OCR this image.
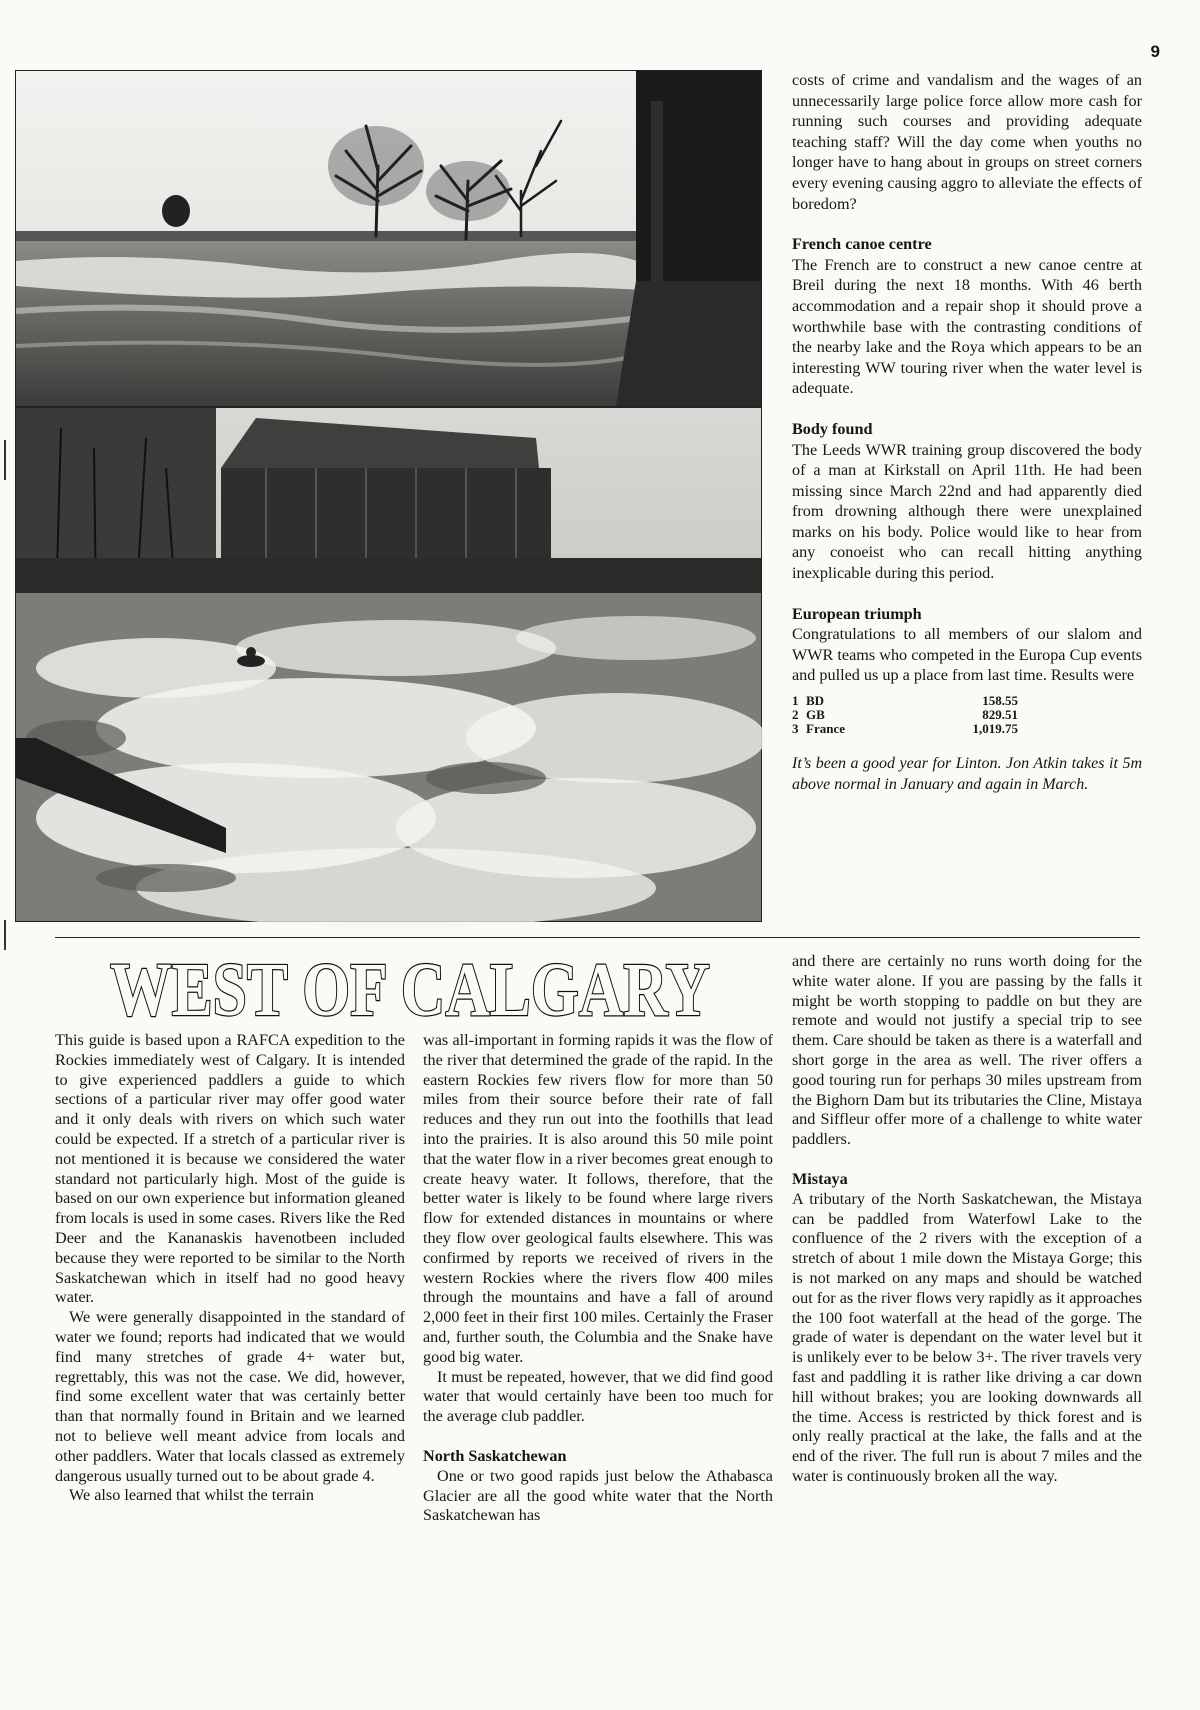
9

costs of crime and vandalism and the wages of an unnecessarily large police force allow more cash for running such courses and providing adequate teaching staff? Will the day come when youths no longer have to hang about in groups on street corners every evening causing aggro to alleviate the effects of boredom?

French canoe centre

The French are to construct a new canoe centre at Breil during the next 18 months. With 46 berth accommodation and a repair shop it should prove a worthwhile base with the contrasting conditions of the nearby lake and the Roya which appears to be an interesting WW touring river when the water level is adequate.

Body found

The Leeds WWR training group discovered the body of a man at Kirkstall on April 11th. He had been missing since March 22nd and had apparently died from drowning although there were unexplained marks on his body. Police would like to hear from any conoeist who can recall hitting anything inexplicable during this period.

European triumph

Congratulations to all members of our slalom and WWR teams who competed in the Europa Cup events and pulled us up a place from last time. Results were

1 BD	158.55
2 GB	829.51
3 France	1,019.75
It’s been a good year for Linton. Jon Atkin takes it 5m above normal in January and again in March.
WEST OF CALGARY

This guide is based upon a RAFCA expedition to the Rockies immediately west of Calgary. It is intended to give experienced paddlers a guide to which sections of a particular river may offer good water and it only deals with rivers on which such water could be expected. If a stretch of a particular river is not mentioned it is because we considered the water standard not particularly high. Most of the guide is based on our own experience but information gleaned from locals is used in some cases. Rivers like the Red Deer and the Kananaskis havenotbeen included because they were reported to be similar to the North Saskatchewan which in itself had no good heavy water.

We were generally disappointed in the standard of water we found; reports had indicated that we would find many stretches of grade 4+ water but, regrettably, this was not the case. We did, however, find some excellent water that was certainly better than that normally found in Britain and we learned not to believe well meant advice from locals and other paddlers. Water that locals classed as extremely dangerous usually turned out to be about grade 4.

We also learned that whilst the terrain

was all-important in forming rapids it was the flow of the river that determined the grade of the rapid. In the eastern Rockies few rivers flow for more than 50 miles from their source before their rate of fall reduces and they run out into the foothills that lead into the prairies. It is also around this 50 mile point that the water flow in a river becomes great enough to create heavy water. It follows, therefore, that the better water is likely to be found where large rivers flow for extended distances in mountains or where they flow over geological faults elsewhere. This was confirmed by reports we received of rivers in the western Rockies where the rivers flow 400 miles through the mountains and have a fall of around 2,000 feet in their first 100 miles. Certainly the Fraser and, further south, the Columbia and the Snake have good big water.

It must be repeated, however, that we did find good water that would certainly have been too much for the average club paddler.

North Saskatchewan

One or two good rapids just below the Athabasca Glacier are all the good white water that the North Saskatchewan has

and there are certainly no runs worth doing for the white water alone. If you are passing by the falls it might be worth stopping to paddle on but they are remote and would not justify a special trip to see them. Care should be taken as there is a waterfall and short gorge in the area as well. The river offers a good touring run for perhaps 30 miles upstream from the Bighorn Dam but its tributaries the Cline, Mistaya and Siffleur offer more of a challenge to white water paddlers.

Mistaya

A tributary of the North Saskatchewan, the Mistaya can be paddled from Waterfowl Lake to the confluence of the 2 rivers with the exception of a stretch of about 1 mile down the Mistaya Gorge; this is not marked on any maps and should be watched out for as the river flows very rapidly as it approaches the 100 foot waterfall at the head of the gorge. The grade of water is dependant on the water level but it is unlikely ever to be below 3+. The river travels very fast and paddling it is rather like driving a car down hill without brakes; you are looking downwards all the time. Access is restricted by thick forest and is only really practical at the lake, the falls and at the end of the river. The full run is about 7 miles and the water is continuously broken all the way.
